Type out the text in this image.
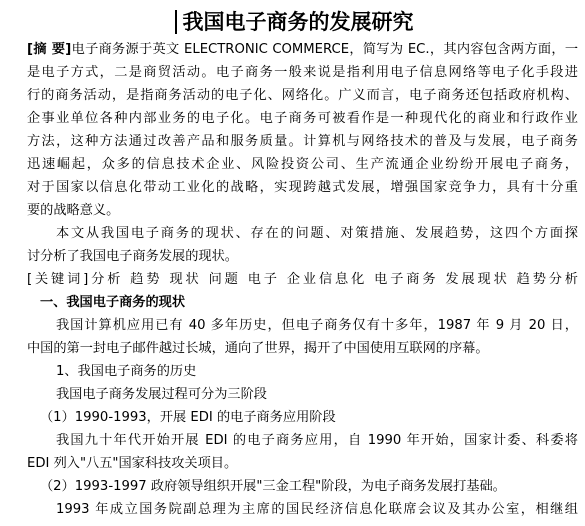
我国电子商务的发展研究
[摘 要]电子商务源于英文 ELECTRONIC COMMERCE，简写为 EC.，其内容包含两方面，一
是电子方式，二是商贸活动。电子商务一般来说是指利用电子信息网络等电子化手段进
行的商务活动，是指商务活动的电子化、网络化。广义而言，电子商务还包括政府机构、
企事业单位各种内部业务的电子化。电子商务可被看作是一种现代化的商业和行政作业
方法，这种方法通过改善产品和服务质量。计算机与网络技术的普及与发展，电子商务
迅速崛起，众多的信息技术企业、风险投资公司、生产流通企业纷纷开展电子商务，
对于国家以信息化带动工业化的战略，实现跨越式发展，增强国家竞争力，具有十分重
要的战略意义。
本文从我国电子商务的现状、存在的问题、对策措施、发展趋势，这四个方面探
讨分析了我国电子商务发展的现状。
[关键词]分析 趋势 现状 问题 电子 企业信息化 电子商务 发展现状 趋势分析
一、我国电子商务的现状
我国计算机应用已有 40 多年历史，但电子商务仅有十多年，1987 年 9 月 20 日，
中国的第一封电子邮件越过长城，通向了世界，揭开了中国使用互联网的序幕。
1、我国电子商务的历史
我国电子商务发展过程可分为三阶段
（1）1990-1993，开展 EDI 的电子商务应用阶段
我国九十年代开始开展 EDI 的电子商务应用，自 1990 年开始，国家计委、科委将
EDI 列入"八五"国家科技攻关项目。
（2）1993-1997 政府领导组织开展"三金工程"阶段，为电子商务发展打基础。
1993 年成立国务院副总理为主席的国民经济信息化联席会议及其办公室，相继组
